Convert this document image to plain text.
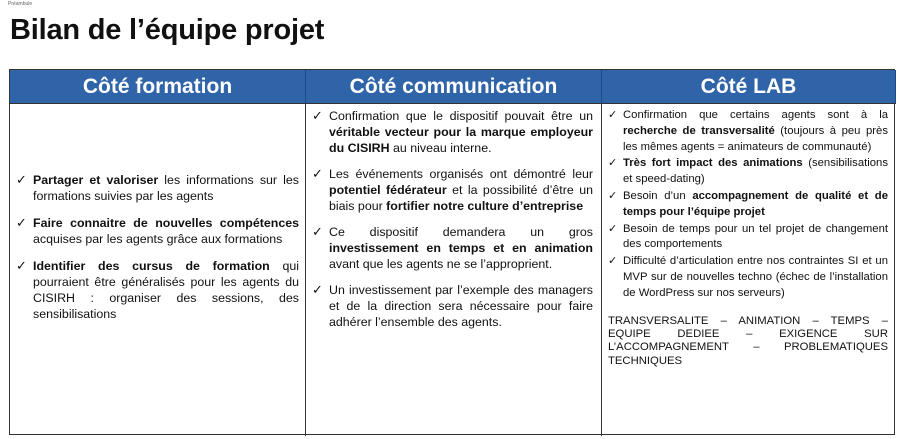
Préambule
Bilan de l’équipe projet
Côté formation	Côté communication	Côté LAB
✓ Partager et valoriser les informations sur les formations suivies par les agents
✓ Faire connaitre de nouvelles compétences acquises par les agents grâce aux formations
✓ Identifier des cursus de formation qui pourraient être généralisés pour les agents du CISIRH : organiser des sessions, des sensibilisations
✓ Confirmation que le dispositif pouvait être un véritable vecteur pour la marque employeur du CISIRH au niveau interne.
✓ Les événements organisés ont démontré leur potentiel fédérateur et la possibilité d’être un biais pour fortifier notre culture d’entreprise
✓ Ce dispositif demandera un gros investissement en temps et en animation avant que les agents ne se l’approprient.
✓ Un investissement par l’exemple des managers et de la direction sera nécessaire pour faire adhérer l’ensemble des agents.
✓ Confirmation que certains agents sont à la recherche de transversalité (toujours à peu près les mêmes agents = animateurs de communauté)
✓ Très fort impact des animations (sensibilisations et speed-dating)
✓ Besoin d’un accompagnement de qualité et de temps pour l’équipe projet
✓ Besoin de temps pour un tel projet de changement des comportements
✓ Difficulté d’articulation entre nos contraintes SI et un MVP sur de nouvelles techno (échec de l’installation de WordPress sur nos serveurs)
TRANSVERSALITE – ANIMATION – TEMPS – EQUIPE DEDIEE – EXIGENCE SUR L’ACCOMPAGNEMENT – PROBLEMATIQUES TECHNIQUES
